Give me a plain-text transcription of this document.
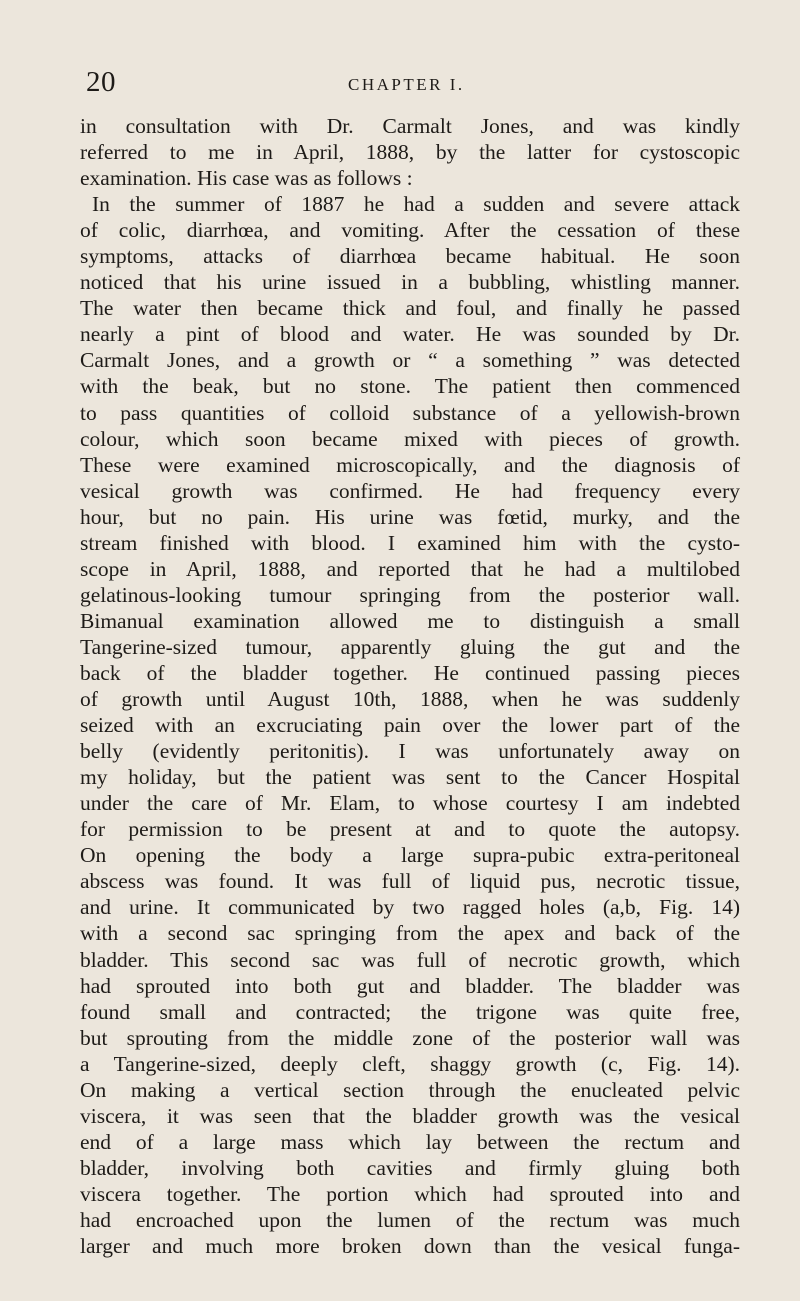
20	CHAPTER I.
in consultation with Dr. Carmalt Jones, and was kindly
referred to me in April, 1888, by the latter for cystoscopic
examination. His case was as follows :
In the summer of 1887 he had a sudden and severe attack
of colic, diarrhœa, and vomiting. After the cessation of these
symptoms, attacks of diarrhœa became habitual. He soon
noticed that his urine issued in a bubbling, whistling manner.
The water then became thick and foul, and finally he passed
nearly a pint of blood and water. He was sounded by Dr.
Carmalt Jones, and a growth or “ a something ” was detected
with the beak, but no stone. The patient then commenced
to pass quantities of colloid substance of a yellowish-brown
colour, which soon became mixed with pieces of growth.
These were examined microscopically, and the diagnosis of
vesical growth was confirmed. He had frequency every
hour, but no pain. His urine was fœtid, murky, and the
stream finished with blood. I examined him with the cysto-
scope in April, 1888, and reported that he had a multilobed
gelatinous-looking tumour springing from the posterior wall.
Bimanual examination allowed me to distinguish a small
Tangerine-sized tumour, apparently gluing the gut and the
back of the bladder together. He continued passing pieces
of growth until August 10th, 1888, when he was suddenly
seized with an excruciating pain over the lower part of the
belly (evidently peritonitis). I was unfortunately away on
my holiday, but the patient was sent to the Cancer Hospital
under the care of Mr. Elam, to whose courtesy I am indebted
for permission to be present at and to quote the autopsy.
On opening the body a large supra-pubic extra-peritoneal
abscess was found. It was full of liquid pus, necrotic tissue,
and urine. It communicated by two ragged holes (a,b, Fig. 14)
with a second sac springing from the apex and back of the
bladder. This second sac was full of necrotic growth, which
had sprouted into both gut and bladder. The bladder was
found small and contracted; the trigone was quite free,
but sprouting from the middle zone of the posterior wall was
a Tangerine-sized, deeply cleft, shaggy growth (c, Fig. 14).
On making a vertical section through the enucleated pelvic
viscera, it was seen that the bladder growth was the vesical
end of a large mass which lay between the rectum and
bladder, involving both cavities and firmly gluing both
viscera together. The portion which had sprouted into and
had encroached upon the lumen of the rectum was much
larger and much more broken down than the vesical funga-
